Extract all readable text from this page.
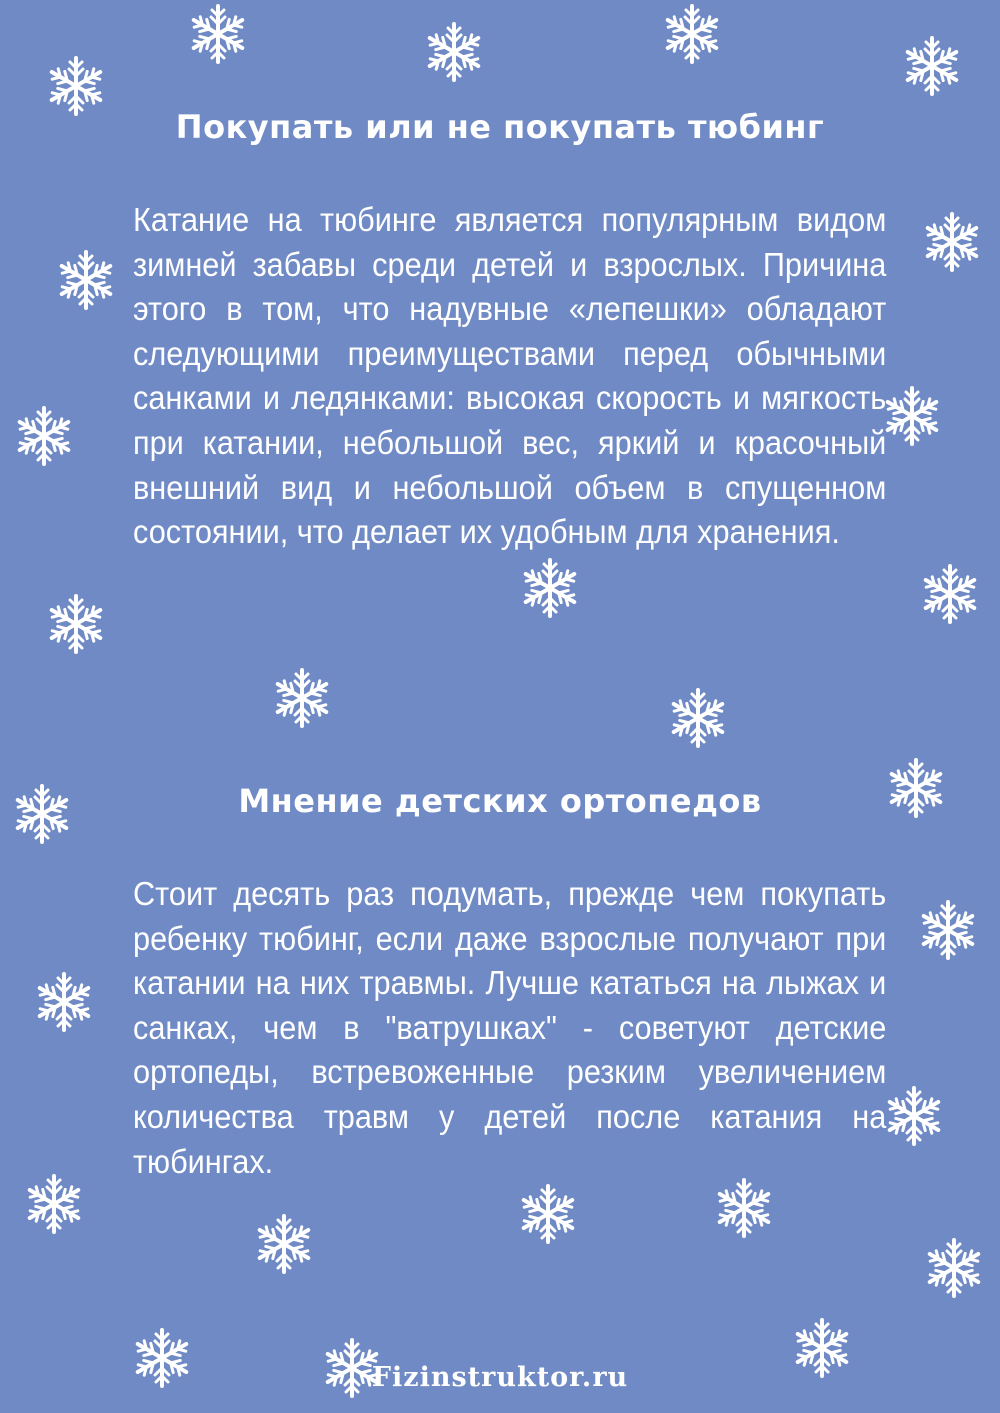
Покупать или не покупать тюбинг

Катание на тюбинге является популярным видом зимней забавы среди детей и взрослых. Причина этого в том, что надувные «лепешки» обладают следующими преимуществами перед обычными санками и ледянками: высокая скорость и мягкость при катании, небольшой вес, яркий и красочный внешний вид и небольшой объем в спущенном состоянии, что делает их удобным для хранения.

Мнение детских ортопедов

Стоит десять раз подумать, прежде чем покупать ребенку тюбинг, если даже взрослые получают при катании на них травмы. Лучше кататься на лыжах и санках, чем в "ватрушках" - советуют детские ортопеды, встревоженные резким увеличением количества травм у детей после катания на тюбингах.

Fizinstruktor.ru
